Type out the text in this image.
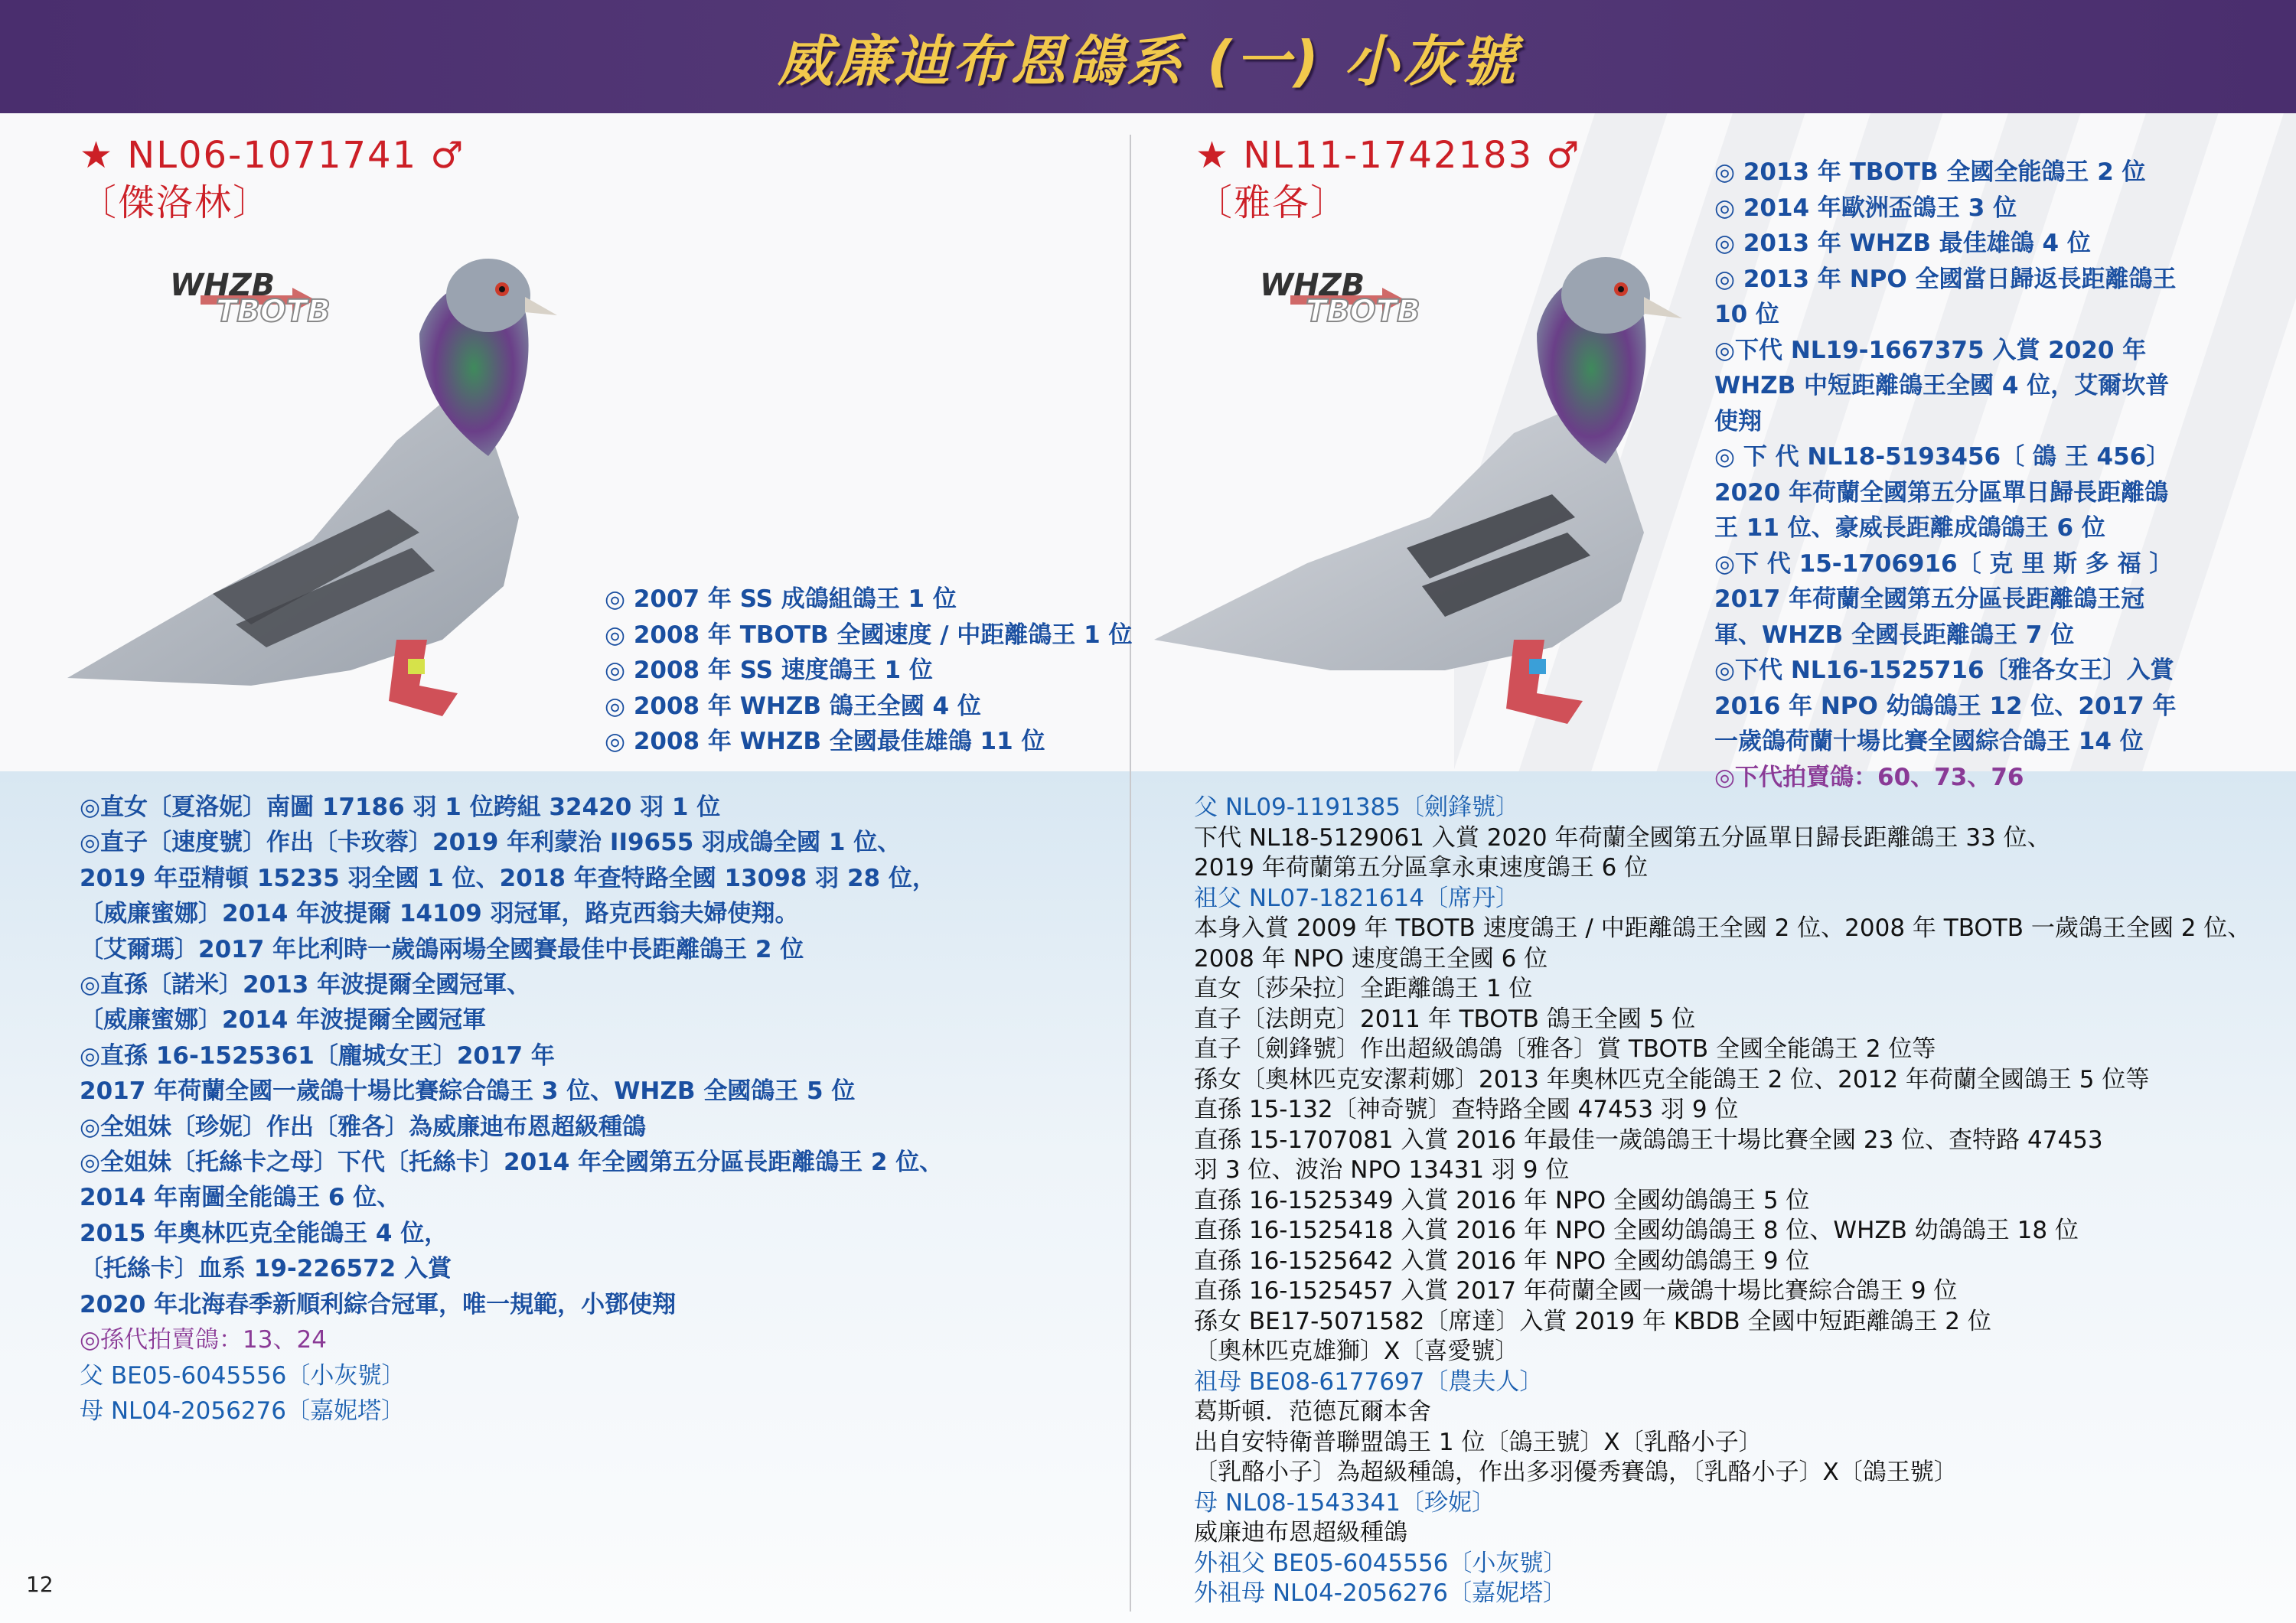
威廉迪布恩鴿系 (一) 小灰號
★ NL06-1071741 ♂
〔傑洛林〕
WHZB
TBOTB
◎ 2007 年 SS 成鴿組鴿王 1 位
◎ 2008 年 TBOTB 全國速度 / 中距離鴿王 1 位
◎ 2008 年 SS 速度鴿王 1 位
◎ 2008 年 WHZB 鴿王全國 4 位
◎ 2008 年 WHZB 全國最佳雄鴿 11 位
◎直女〔夏洛妮〕南圖 17186 羽 1 位跨組 32420 羽 1 位
◎直子〔速度號〕作出〔卡玫蓉〕2019 年利蒙治 II9655 羽成鴿全國 1 位、
2019 年亞精頓 15235 羽全國 1 位、2018 年查特路全國 13098 羽 28 位，
〔威廉蜜娜〕2014 年波提爾 14109 羽冠軍，路克西翁夫婦使翔。
〔艾爾瑪〕2017 年比利時一歲鴿兩場全國賽最佳中長距離鴿王 2 位
◎直孫〔諾米〕2013 年波提爾全國冠軍、
〔威廉蜜娜〕2014 年波提爾全國冠軍
◎直孫 16-1525361〔龐城女王〕2017 年
2017 年荷蘭全國一歲鴿十場比賽綜合鴿王 3 位、WHZB 全國鴿王 5 位
◎全姐妹〔珍妮〕作出〔雅各〕為威廉迪布恩超級種鴿
◎全姐妹〔托絲卡之母〕下代〔托絲卡〕2014 年全國第五分區長距離鴿王 2 位、
2014 年南圖全能鴿王 6 位、
2015 年奧林匹克全能鴿王 4 位，
〔托絲卡〕血系 19-226572 入賞
2020 年北海春季新順利綜合冠軍，唯一規範，小鄧使翔
◎孫代拍賣鴿：13、24
父 BE05-6045556〔小灰號〕
母 NL04-2056276〔嘉妮塔〕
★ NL11-1742183 ♂
〔雅各〕
WHZB
TBOTB
◎ 2013 年 TBOTB 全國全能鴿王 2 位
◎ 2014 年歐洲盃鴿王 3 位
◎ 2013 年 WHZB 最佳雄鴿 4 位
◎ 2013 年 NPO 全國當日歸返長距離鴿王 10 位
◎下代 NL19-1667375 入賞 2020 年 WHZB 中短距離鴿王全國 4 位，艾爾坎普使翔
◎ 下 代 NL18-5193456〔 鴿 王 456〕2020 年荷蘭全國第五分區單日歸長距離鴿王 11 位、豪威長距離成鴿鴿王 6 位
◎下 代 15-1706916〔 克 里 斯 多 福 〕2017 年荷蘭全國第五分區長距離鴿王冠軍、WHZB 全國長距離鴿王 7 位
◎下代 NL16-1525716〔雅各女王〕入賞 2016 年 NPO 幼鴿鴿王 12 位、2017 年一歲鴿荷蘭十場比賽全國綜合鴿王 14 位
◎下代拍賣鴿：60、73、76
父 NL09-1191385〔劍鋒號〕
下代 NL18-5129061 入賞 2020 年荷蘭全國第五分區單日歸長距離鴿王 33 位、
2019 年荷蘭第五分區拿永東速度鴿王 6 位
祖父 NL07-1821614〔席丹〕
本身入賞 2009 年 TBOTB 速度鴿王 / 中距離鴿王全國 2 位、2008 年 TBOTB 一歲鴿王全國 2 位、
2008 年 NPO 速度鴿王全國 6 位
直女〔莎朵拉〕全距離鴿王 1 位
直子〔法朗克〕2011 年 TBOTB 鴿王全國 5 位
直子〔劍鋒號〕作出超級鴿鴿〔雅各〕賞 TBOTB 全國全能鴿王 2 位等
孫女〔奧林匹克安潔莉娜〕2013 年奧林匹克全能鴿王 2 位、2012 年荷蘭全國鴿王 5 位等
直孫 15-132〔神奇號〕查特路全國 47453 羽 9 位
直孫 15-1707081 入賞 2016 年最佳一歲鴿鴿王十場比賽全國 23 位、查特路 47453
羽 3 位、波治 NPO 13431 羽 9 位
直孫 16-1525349 入賞 2016 年 NPO 全國幼鴿鴿王 5 位
直孫 16-1525418 入賞 2016 年 NPO 全國幼鴿鴿王 8 位、WHZB 幼鴿鴿王 18 位
直孫 16-1525642 入賞 2016 年 NPO 全國幼鴿鴿王 9 位
直孫 16-1525457 入賞 2017 年荷蘭全國一歲鴿十場比賽綜合鴿王 9 位
孫女 BE17-5071582〔席達〕入賞 2019 年 KBDB 全國中短距離鴿王 2 位
〔奧林匹克雄獅〕X〔喜愛號〕
祖母 BE08-6177697〔農夫人〕
葛斯頓．范德瓦爾本舍
出自安特衛普聯盟鴿王 1 位〔鴿王號〕X〔乳酪小子〕
〔乳酪小子〕為超級種鴿，作出多羽優秀賽鴿，〔乳酪小子〕X〔鴿王號〕
母 NL08-1543341〔珍妮〕
威廉迪布恩超級種鴿
外祖父 BE05-6045556〔小灰號〕
外祖母 NL04-2056276〔嘉妮塔〕
12
